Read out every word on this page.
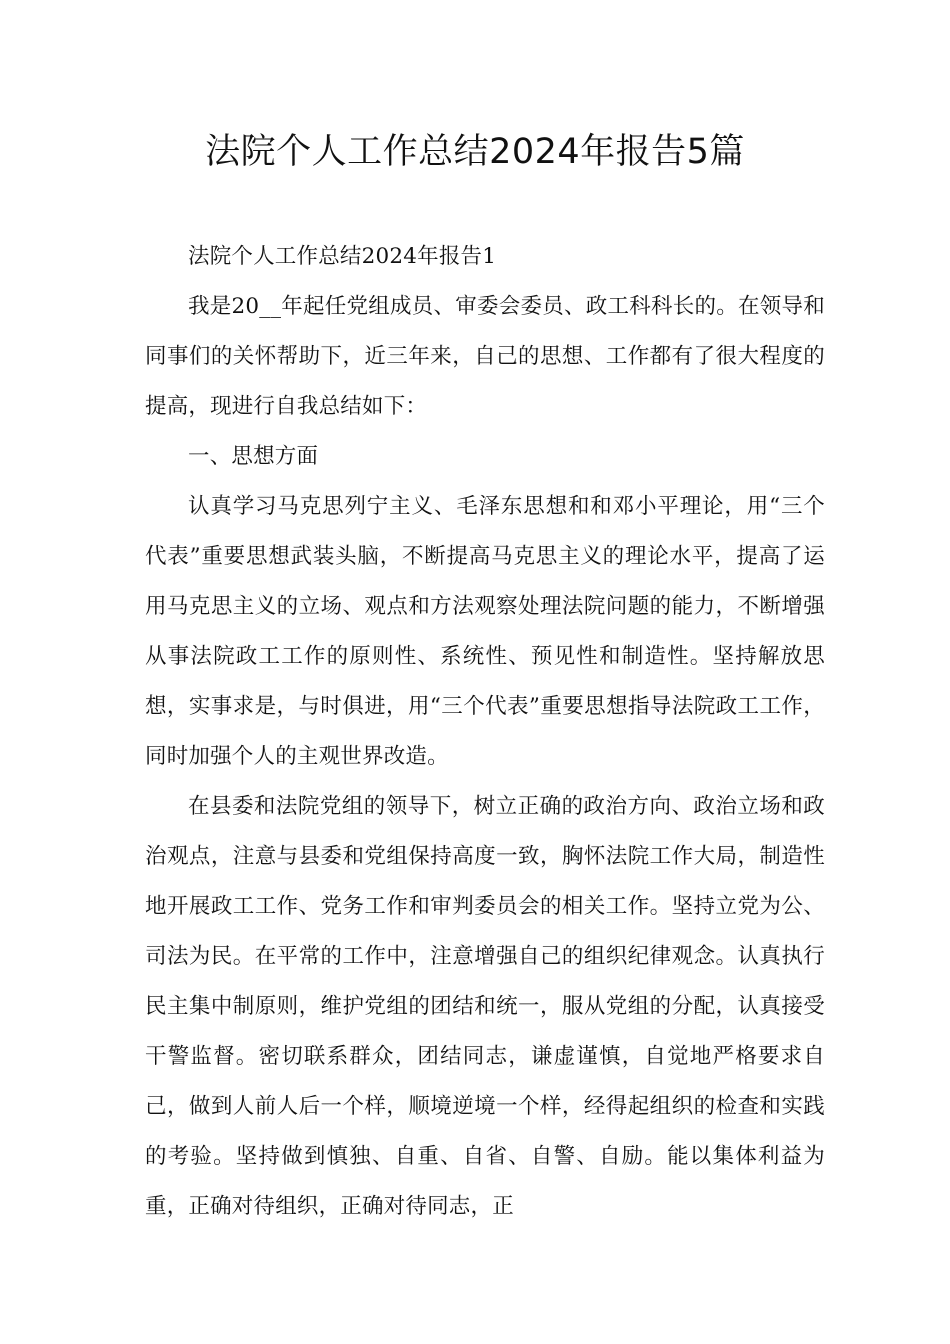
法院个人工作总结2024年报告5篇

法院个人工作总结2024年报告1

我是20__年起任党组成员、审委会委员、政工科科长的。在领导和同事们的关怀帮助下，近三年来，自己的思想、工作都有了很大程度的提高，现进行自我总结如下：

一、思想方面

认真学习马克思列宁主义、毛泽东思想和和邓小平理论，用“三个代表”重要思想武装头脑，不断提高马克思主义的理论水平，提高了运用马克思主义的立场、观点和方法观察处理法院问题的能力，不断增强从事法院政工工作的原则性、系统性、预见性和制造性。坚持解放思想，实事求是，与时俱进，用“三个代表”重要思想指导法院政工工作，同时加强个人的主观世界改造。

在县委和法院党组的领导下，树立正确的政治方向、政治立场和政治观点，注意与县委和党组保持高度一致，胸怀法院工作大局，制造性地开展政工工作、党务工作和审判委员会的相关工作。坚持立党为公、司法为民。在平常的工作中，注意增强自己的组织纪律观念。认真执行民主集中制原则，维护党组的团结和统一，服从党组的分配，认真接受干警监督。密切联系群众，团结同志，谦虚谨慎，自觉地严格要求自己，做到人前人后一个样，顺境逆境一个样，经得起组织的检查和实践的考验。坚持做到慎独、自重、自省、自警、自励。能以集体利益为重，正确对待组织，正确对待同志，正
